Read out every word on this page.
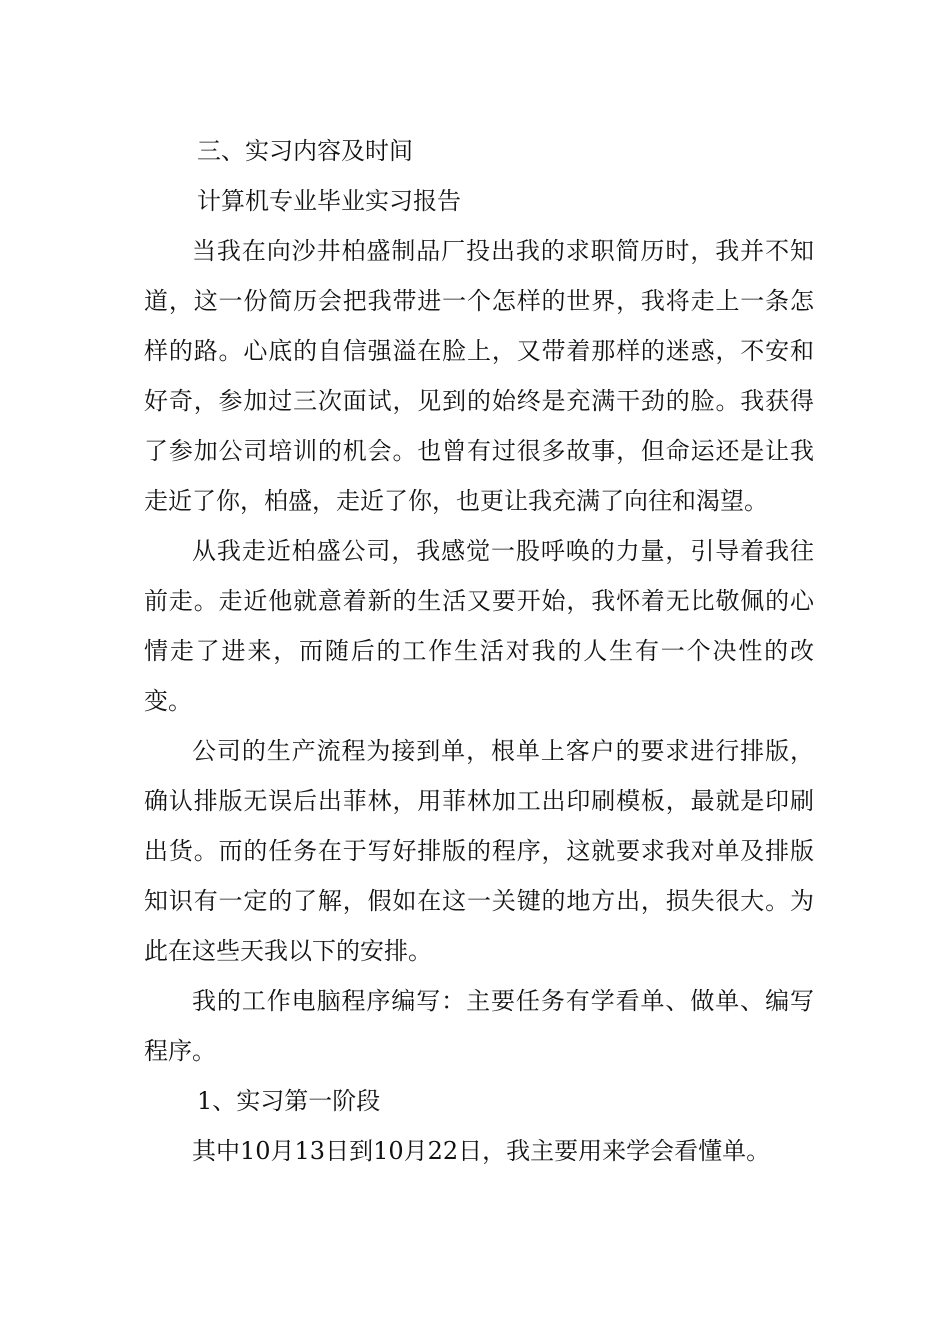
三、实习内容及时间
计算机专业毕业实习报告

当我在向沙井柏盛制品厂投出我的求职简历时，我并不知道，这一份简历会把我带进一个怎样的世界，我将走上一条怎样的路。心底的自信强溢在脸上，又带着那样的迷惑，不安和好奇，参加过三次面试，见到的始终是充满干劲的脸。我获得了参加公司培训的机会。也曾有过很多故事，但命运还是让我走近了你，柏盛，走近了你，也更让我充满了向往和渴望。

从我走近柏盛公司，我感觉一股呼唤的力量，引导着我往前走。走近他就意着新的生活又要开始，我怀着无比敬佩的心情走了进来，而随后的工作生活对我的人生有一个决性的改变。

公司的生产流程为接到单，根单上客户的要求进行排版，确认排版无误后出菲林，用菲林加工出印刷模板，最就是印刷出货。而的任务在于写好排版的程序，这就要求我对单及排版知识有一定的了解，假如在这一关键的地方出，损失很大。为此在这些天我以下的安排。

我的工作电脑程序编写：主要任务有学看单、做单、编写程序。

1、实习第一阶段

其中10月13日到10月22日，我主要用来学会看懂单。
